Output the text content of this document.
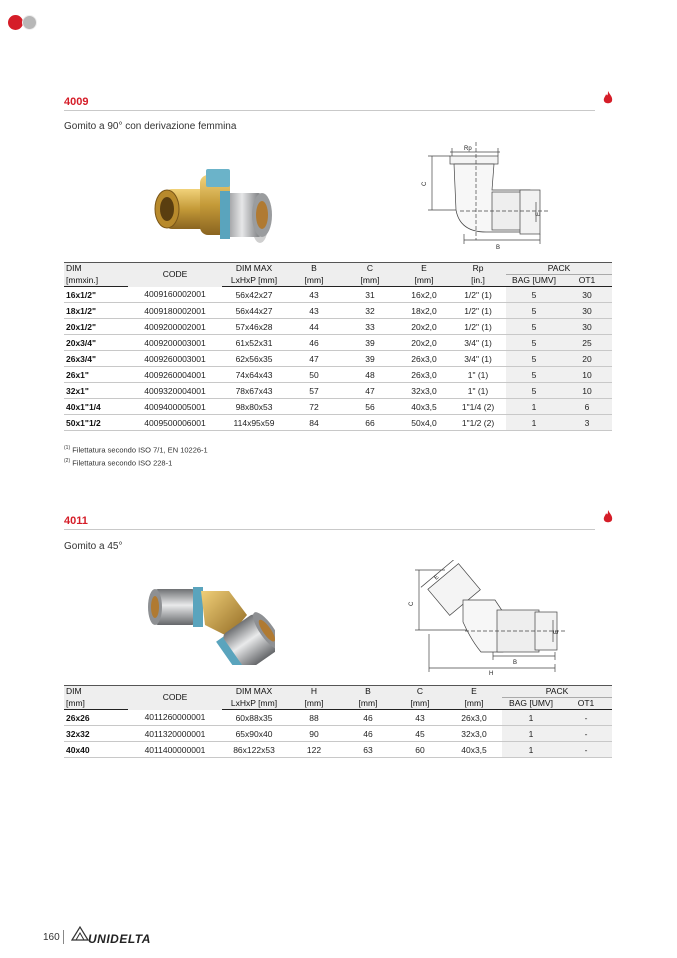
4009
Gomito a 90° con derivazione femmina
Rp
C
E
B
DIM	CODE	DIM MAX	B	C	E	Rp	PACK	
[mmxin.]		LxHxP [mm]	[mm]	[mm]	[mm]	[in.]	BAG [UMV]	OT1
16x1/2"	4009160002001	56x42x27	43	31	16x2,0	1/2" (1)	5	30
18x1/2"	4009180002001	56x44x27	43	32	18x2,0	1/2" (1)	5	30
20x1/2"	4009200002001	57x46x28	44	33	20x2,0	1/2" (1)	5	30
20x3/4"	4009200003001	61x52x31	46	39	20x2,0	3/4" (1)	5	25
26x3/4"	4009260003001	62x56x35	47	39	26x3,0	3/4" (1)	5	20
26x1"	4009260004001	74x64x43	50	48	26x3,0	1" (1)	5	10
32x1"	4009320004001	78x67x43	57	47	32x3,0	1" (1)	5	10
40x1"1/4	4009400005001	98x80x53	72	56	40x3,5	1"1/4 (2)	1	6
50x1"1/2	4009500006001	114x95x59	84	66	50x4,0	1"1/2 (2)	1	3
$^{(1)}$ Filettatura secondo ISO 7/1, EN 10226-1
$^{(2)}$ Filettatura secondo ISO 228-1
4011
Gomito a 45°
E
C
E
B
H
DIM	CODE	DIM MAX	H	B	C	E	PACK	
[mm]		LxHxP [mm]	[mm]	[mm]	[mm]	[mm]	BAG [UMV]	OT1
26x26	4011260000001	60x88x35	88	46	43	26x3,0	1	-
32x32	4011320000001	65x90x40	90	46	45	32x3,0	1	-
40x40	4011400000001	86x122x53	122	63	60	40x3,5	1	-
160 UNIDELTA
